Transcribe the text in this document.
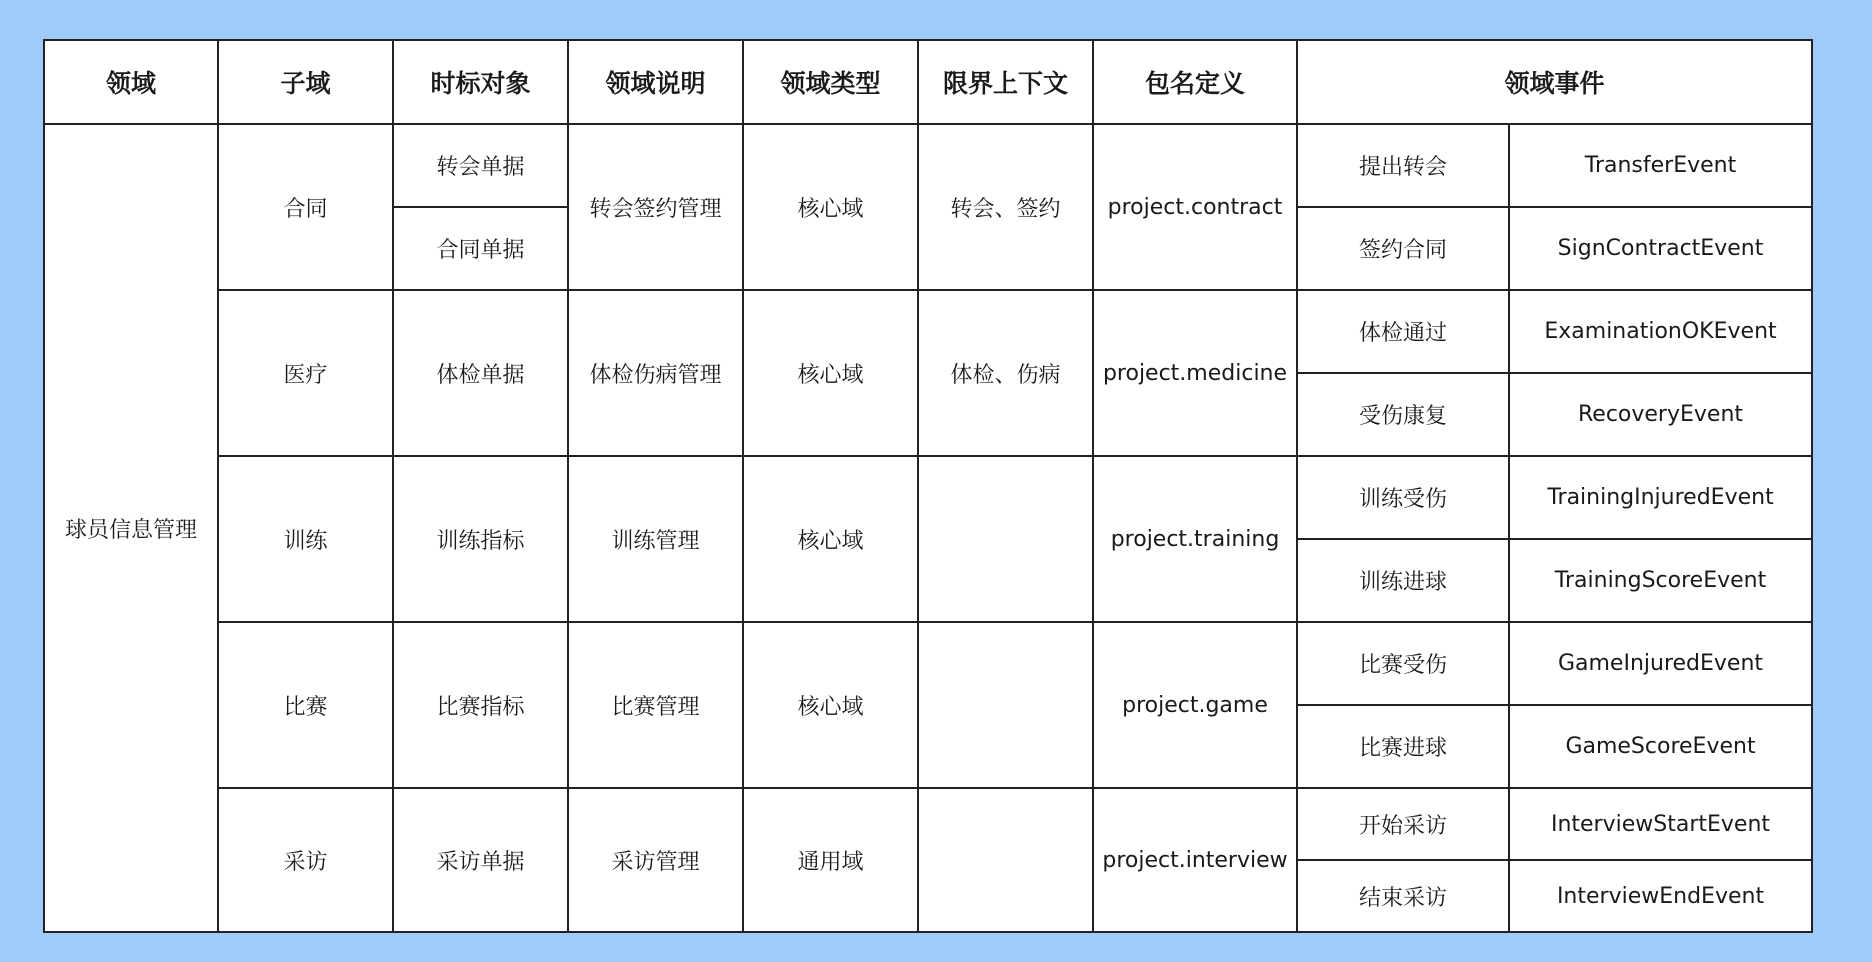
领域	子域	时标对象	领域说明	领域类型	限界上下文	包名定义	领域事件	
球员信息管理	合同	转会单据	转会签约管理	核心域	转会、签约	project.contract	提出转会	TransferEvent
		合同单据					签约合同	SignContractEvent
	医疗	体检单据	体检伤病管理	核心域	体检、伤病	project.medicine	体检通过	ExaminationOKEvent
							受伤康复	RecoveryEvent
	训练	训练指标	训练管理	核心域		project.training	训练受伤	TrainingInjuredEvent
							训练进球	TrainingScoreEvent
	比赛	比赛指标	比赛管理	核心域		project.game	比赛受伤	GameInjuredEvent
							比赛进球	GameScoreEvent
	采访	采访单据	采访管理	通用域		project.interview	开始采访	InterviewStartEvent
							结束采访	InterviewEndEvent
